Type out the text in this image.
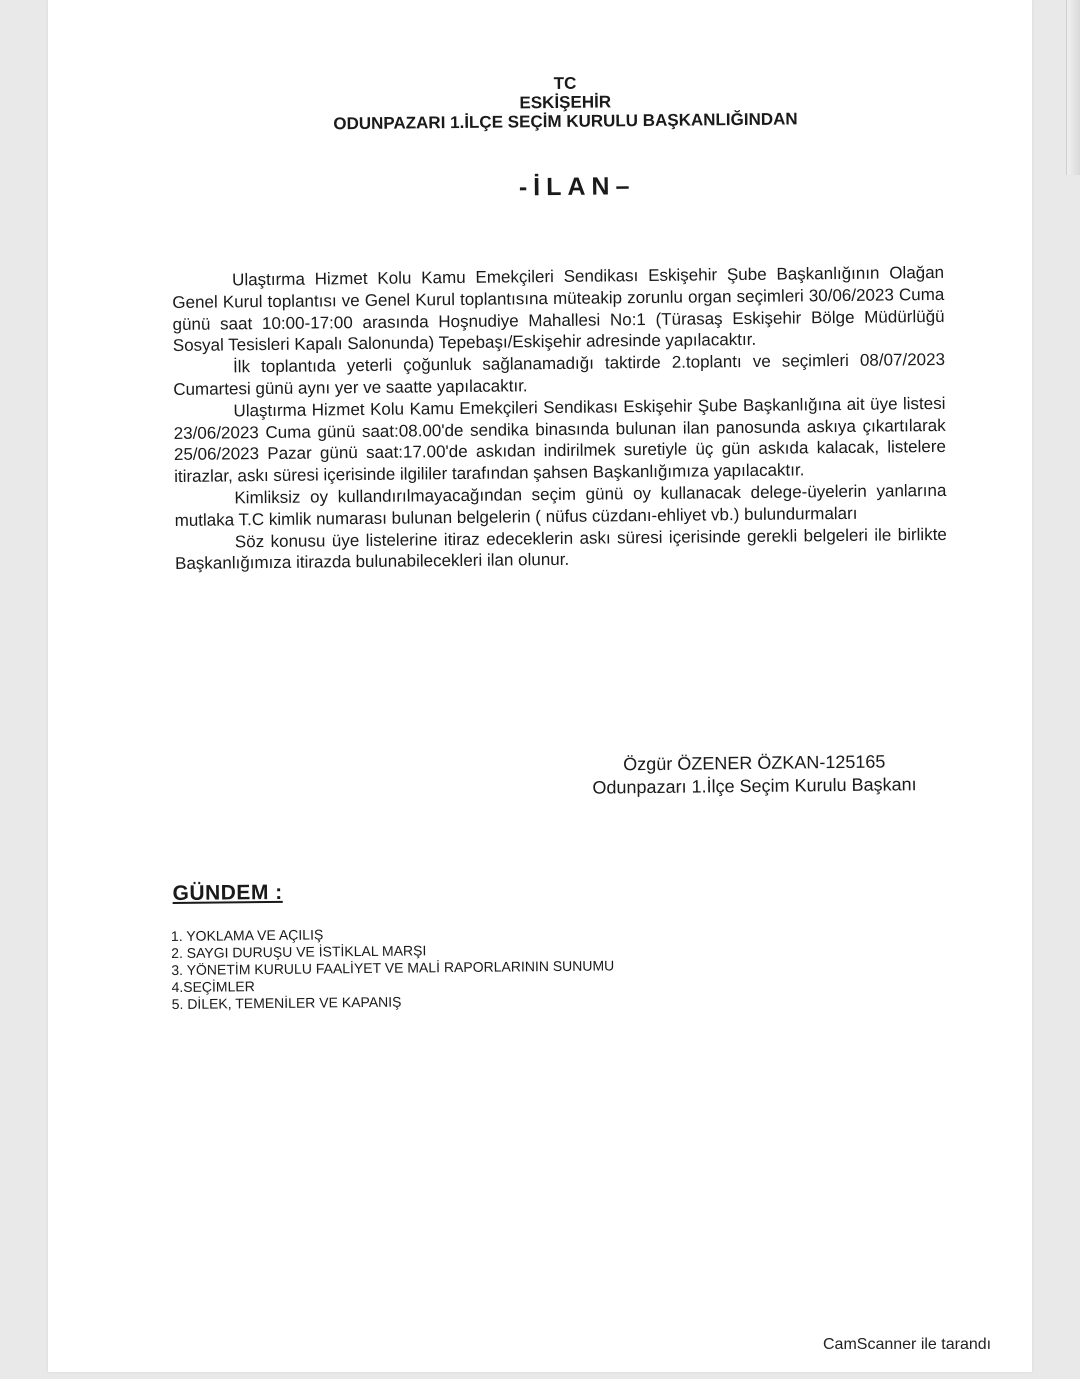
TC
ESKİŞEHİR
ODUNPAZARI 1.İLÇE SEÇİM KURULU BAŞKANLIĞINDAN
-İLAN–

Ulaştırma Hizmet Kolu Kamu Emekçileri Sendikası Eskişehir Şube Başkanlığının Olağan Genel Kurul toplantısı ve Genel Kurul toplantısına müteakip zorunlu organ seçimleri 30/06/2023 Cuma günü saat 10:00-17:00 arasında Hoşnudiye Mahallesi No:1 (Türasaş Eskişehir Bölge Müdürlüğü Sosyal Tesisleri Kapalı Salonunda) Tepebaşı/Eskişehir adresinde yapılacaktır.

İlk toplantıda yeterli çoğunluk sağlanamadığı taktirde 2.toplantı ve seçimleri 08/07/2023 Cumartesi günü aynı yer ve saatte yapılacaktır.

Ulaştırma Hizmet Kolu Kamu Emekçileri Sendikası Eskişehir Şube Başkanlığına ait üye listesi 23/06/2023 Cuma günü saat:08.00'de sendika binasında bulunan ilan panosunda askıya çıkartılarak 25/06/2023 Pazar günü saat:17.00'de askıdan indirilmek suretiyle üç gün askıda kalacak, listelere itirazlar, askı süresi içerisinde ilgililer tarafından şahsen Başkanlığımıza yapılacaktır.

Kimliksiz oy kullandırılmayacağından seçim günü oy kullanacak delege-üyelerin yanlarına mutlaka T.C kimlik numarası bulunan belgelerin ( nüfus cüzdanı-ehliyet vb.) bulundurmaları

Söz konusu üye listelerine itiraz edeceklerin askı süresi içerisinde gerekli belgeleri ile birlikte Başkanlığımıza itirazda bulunabilecekleri ilan olunur.

Özgür ÖZENER ÖZKAN-125165
Odunpazarı 1.İlçe Seçim Kurulu Başkanı
GÜNDEM :
1. YOKLAMA VE AÇILIŞ
2. SAYGI DURUŞU VE İSTİKLAL MARŞI
3. YÖNETİM KURULU FAALİYET VE MALİ RAPORLARININ SUNUMU
4.SEÇİMLER
5. DİLEK, TEMENİLER VE KAPANIŞ
CamScanner ile tarandı
